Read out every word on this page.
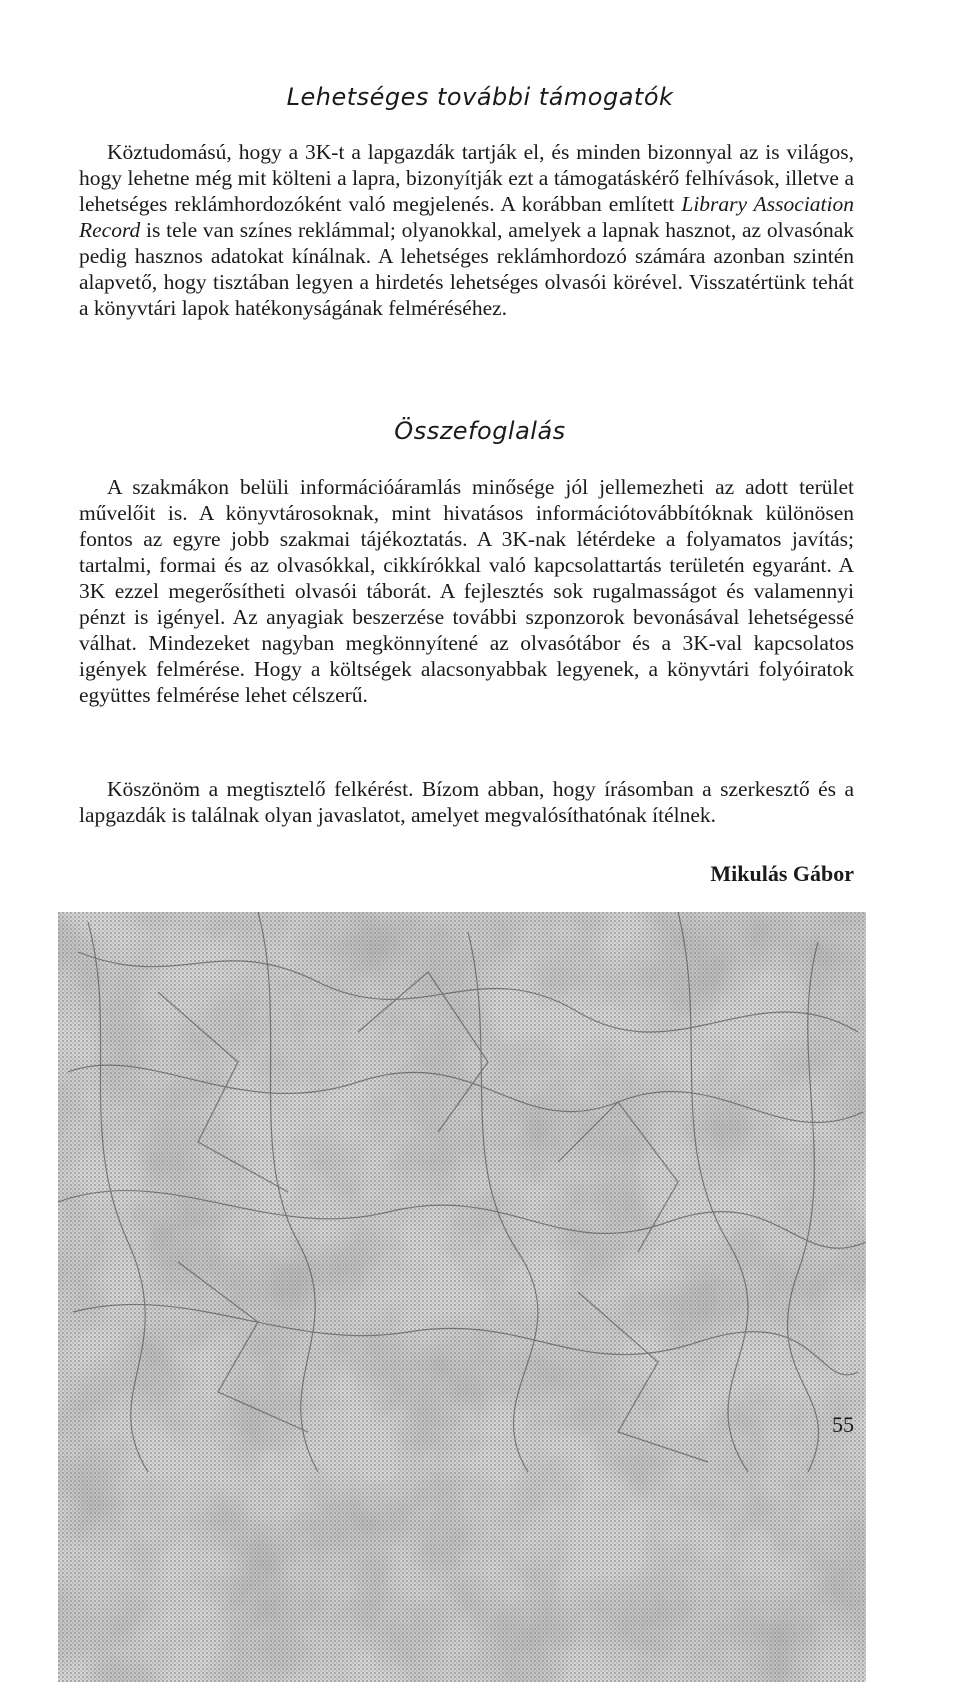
Lehetséges további támogatók

Köztudomású, hogy a 3K-t a lapgazdák tartják el, és minden bizonnyal az is világos, hogy lehetne még mit költeni a lapra, bizonyítják ezt a támogatáskérő felhívások, illetve a lehetséges reklámhordozóként való megjelenés. A korábban említett Library Association Record is tele van színes reklámmal; olyanokkal, amelyek a lapnak hasznot, az olvasónak pedig hasznos adatokat kínálnak. A lehetséges reklámhordozó számára azonban szintén alapvető, hogy tisztában legyen a hirdetés lehetséges olvasói körével. Visszatértünk tehát a könyvtári lapok hatékonyságának felméréséhez.

Összefoglalás

A szakmákon belüli információáramlás minősége jól jellemezheti az adott terület művelőit is. A könyvtárosoknak, mint hivatásos információtovábbítóknak különösen fontos az egyre jobb szakmai tájékoztatás. A 3K-nak létérdeke a folyamatos javítás; tartalmi, formai és az olvasókkal, cikkírókkal való kapcsolattartás területén egyaránt. A 3K ezzel megerősítheti olvasói táborát. A fejlesztés sok rugalmasságot és valamennyi pénzt is igényel. Az anyagiak beszerzése további szponzorok bevonásával lehetségessé válhat. Mindezeket nagyban megkönnyítené az olvasótábor és a 3K-val kapcsolatos igények felmérése. Hogy a költségek alacsonyabbak legyenek, a könyvtári folyóiratok együttes felmérése lehet célszerű.

Köszönöm a megtisztelő felkérést. Bízom abban, hogy írásomban a szerkesztő és a lapgazdák is találnak olyan javaslatot, amelyet megvalósíthatónak ítélnek.

Mikulás Gábor
55
